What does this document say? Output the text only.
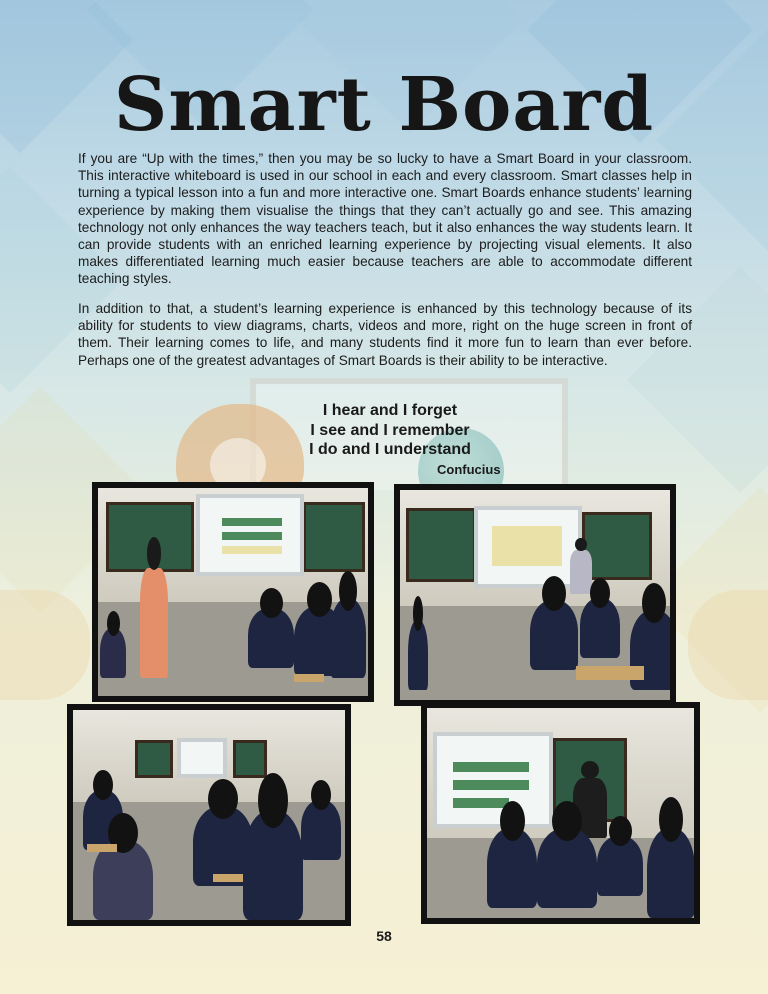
Smart Board

If you are “Up with the times,” then you may be so lucky to have a Smart Board in your classroom. This interactive whiteboard is used in our school in each and every classroom. Smart classes help in turning a typical lesson into a fun and more interactive one. Smart Boards enhance students’ learning experience by making them visualise the things that they can’t actually go and see. This amazing technology not only enhances the way teachers teach, but it also enhances the way students learn. It can provide students with an enriched learning experience by projecting visual elements. It also makes differentiated learning much easier because teachers are able to accommodate different teaching styles.

In addition to that, a student’s learning experience is enhanced by this technology because of its ability for students to view diagrams, charts, videos and more, right on the huge screen in front of them. Their learning comes to life, and many students find it more fun to learn than ever before. Perhaps one of the greatest advantages of Smart Boards is their ability to be interactive.

I hear and I forget
I see and I remember
I do and I understand
Confucius
58
